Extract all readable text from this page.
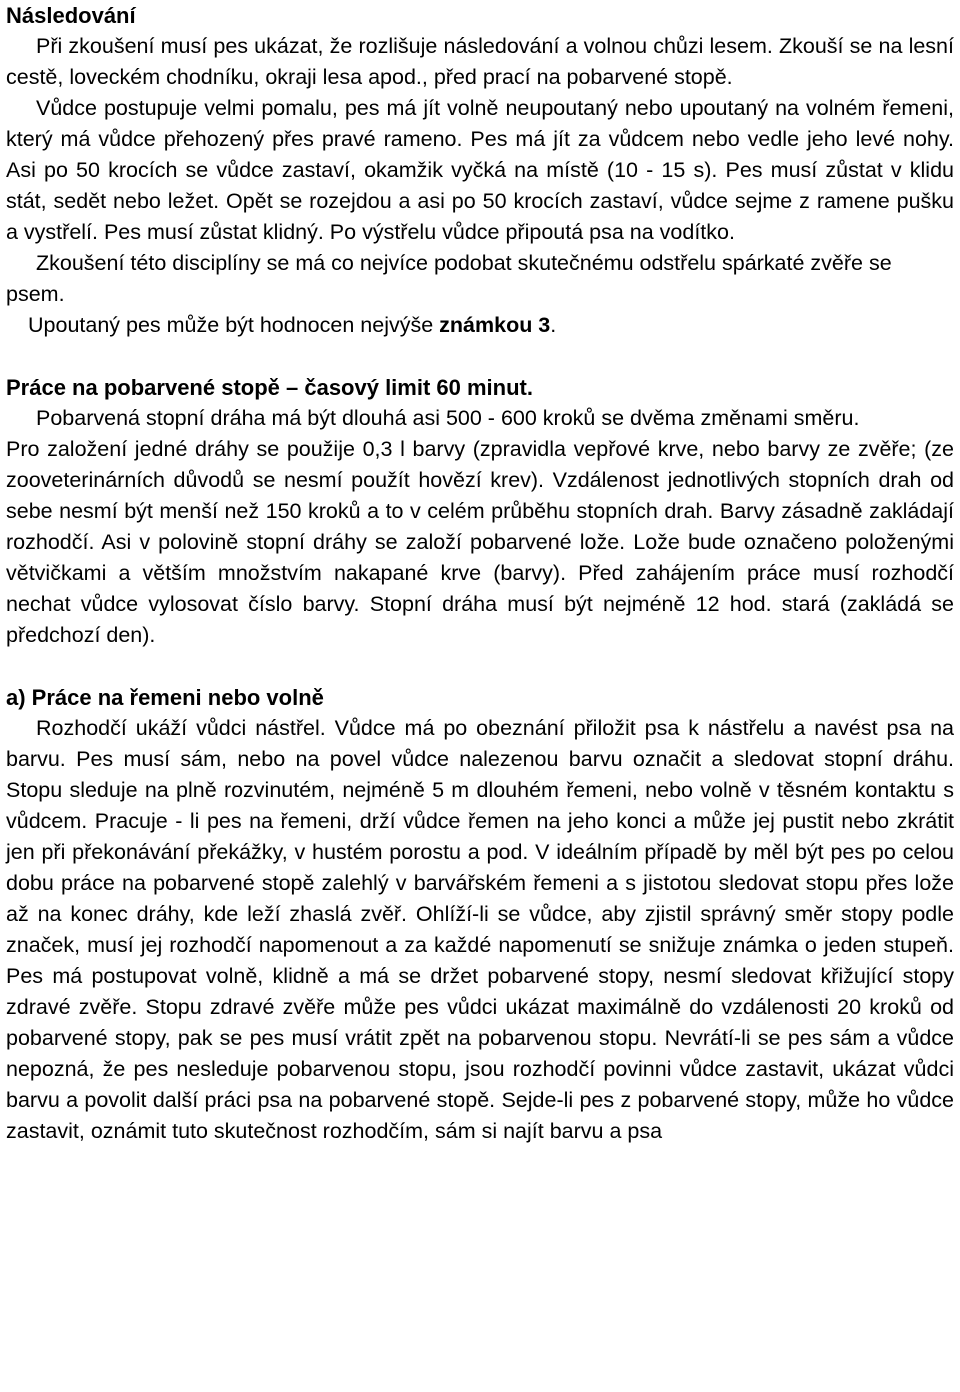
Následování

Při zkoušení musí pes ukázat, že rozlišuje následování a volnou chůzi lesem. Zkouší se na lesní cestě, loveckém chodníku, okraji lesa apod., před prací na pobarvené stopě.

Vůdce postupuje velmi pomalu, pes má jít volně neupoutaný nebo upoutaný na volném řemeni, který má vůdce přehozený přes pravé rameno. Pes má jít za vůdcem nebo vedle jeho levé nohy. Asi po 50 krocích se vůdce zastaví, okamžik vyčká na místě (10 - 15 s). Pes musí zůstat v klidu stát, sedět nebo ležet. Opět se rozejdou a asi po 50 krocích zastaví, vůdce sejme z ramene pušku a vystřelí. Pes musí zůstat klidný. Po výstřelu vůdce připoutá psa na vodítko.

Zkoušení této disciplíny se má co nejvíce podobat skutečnému odstřelu spárkaté zvěře se psem.

Upoutaný pes může být hodnocen nejvýše známkou 3.

Práce na pobarvené stopě – časový limit 60 minut.

Pobarvená stopní dráha má být dlouhá asi 500 - 600 kroků se dvěma změnami směru.

Pro založení jedné dráhy se použije 0,3 l barvy (zpravidla vepřové krve, nebo barvy ze zvěře; (ze zooveterinárních důvodů se nesmí použít hovězí krev). Vzdálenost jednotlivých stopních drah od sebe nesmí být menší než 150 kroků a to v celém průběhu stopních drah. Barvy zásadně zakládají rozhodčí. Asi v polovině stopní dráhy se založí pobarvené lože. Lože bude označeno položenými větvičkami a větším množstvím nakapané krve (barvy). Před zahájením práce musí rozhodčí nechat vůdce vylosovat číslo barvy. Stopní dráha musí být nejméně 12 hod. stará (zakládá se předchozí den).

a) Práce na řemeni nebo volně

Rozhodčí ukáží vůdci nástřel. Vůdce má po obeznání přiložit psa k nástřelu a navést psa na barvu. Pes musí sám, nebo na povel vůdce nalezenou barvu označit a sledovat stopní dráhu. Stopu sleduje na plně rozvinutém, nejméně 5 m dlouhém řemeni, nebo volně v těsném kontaktu s vůdcem. Pracuje - li pes na řemeni, drží vůdce řemen na jeho konci a může jej pustit nebo zkrátit jen při překonávání překážky, v hustém porostu a pod. V ideálním případě by měl být pes po celou dobu práce na pobarvené stopě zalehlý v barvářském řemeni a s jistotou sledovat stopu přes lože až na konec dráhy, kde leží zhaslá zvěř. Ohlíží-li se vůdce, aby zjistil správný směr stopy podle značek, musí jej rozhodčí napomenout a za každé napomenutí se snižuje známka o jeden stupeň. Pes má postupovat volně, klidně a má se držet pobarvené stopy, nesmí sledovat křižující stopy zdravé zvěře. Stopu zdravé zvěře může pes vůdci ukázat maximálně do vzdálenosti 20 kroků od pobarvené stopy, pak se pes musí vrátit zpět na pobarvenou stopu. Nevrátí-li se pes sám a vůdce nepozná, že pes nesleduje pobarvenou stopu, jsou rozhodčí povinni vůdce zastavit, ukázat vůdci barvu a povolit další práci psa na pobarvené stopě. Sejde-li pes z pobarvené stopy, může ho vůdce zastavit, oznámit tuto skutečnost rozhodčím, sám si najít barvu a psa
